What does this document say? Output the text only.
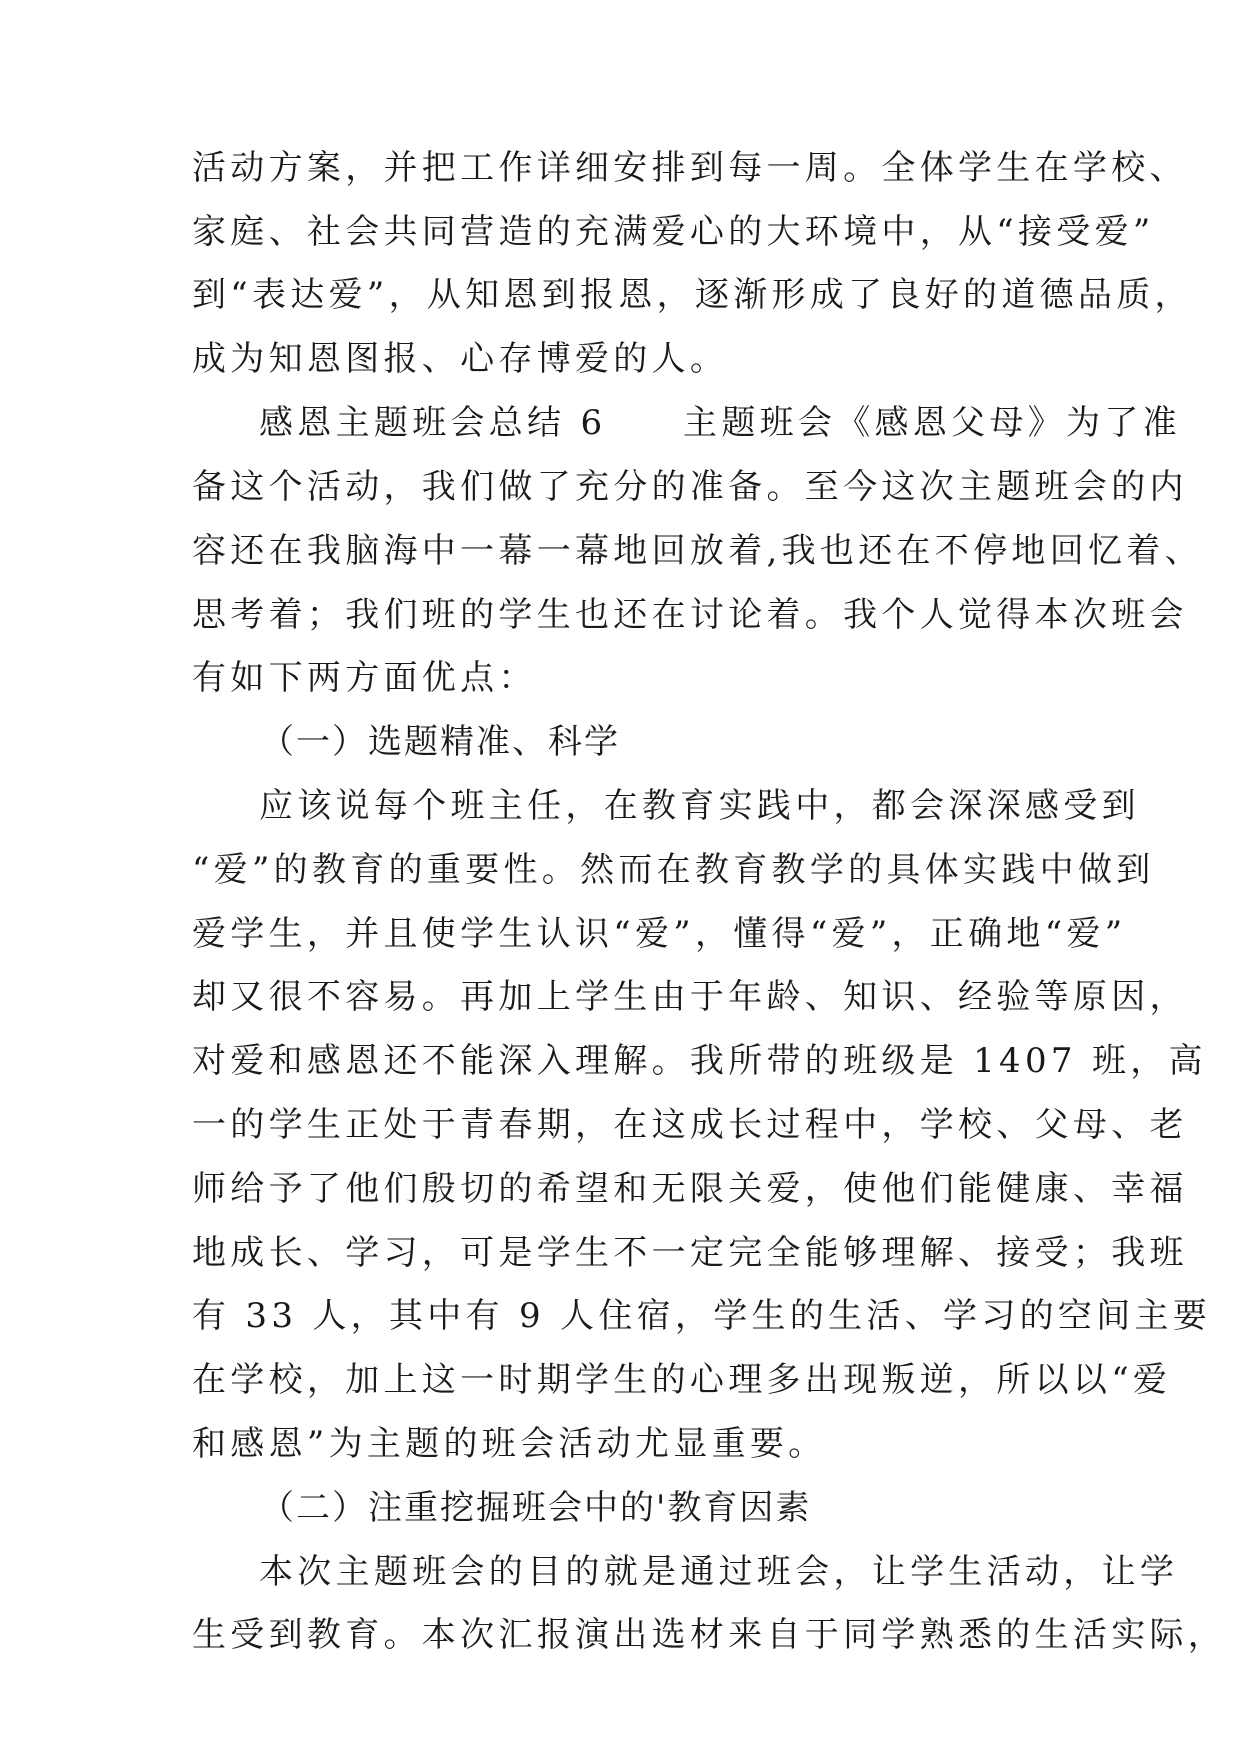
活动方案，并把工作详细安排到每一周。全体学生在学校、
家庭、社会共同营造的充满爱心的大环境中，从“接受爱”
到“表达爱”，从知恩到报恩，逐渐形成了良好的道德品质，
成为知恩图报、心存博爱的人。
感恩主题班会总结 6　　主题班会《感恩父母》为了准
备这个活动，我们做了充分的准备。至今这次主题班会的内
容还在我脑海中一幕一幕地回放着,我也还在不停地回忆着、
思考着；我们班的学生也还在讨论着。我个人觉得本次班会
有如下两方面优点：
（一）选题精准、科学
应该说每个班主任，在教育实践中，都会深深感受到
“爱”的教育的重要性。然而在教育教学的具体实践中做到
爱学生，并且使学生认识“爱”，懂得“爱”，正确地“爱”
却又很不容易。再加上学生由于年龄、知识、经验等原因，
对爱和感恩还不能深入理解。我所带的班级是 1407 班，高
一的学生正处于青春期，在这成长过程中，学校、父母、老
师给予了他们殷切的希望和无限关爱，使他们能健康、幸福
地成长、学习，可是学生不一定完全能够理解、接受；我班
有 33 人，其中有 9 人住宿，学生的生活、学习的空间主要
在学校，加上这一时期学生的心理多出现叛逆，所以以“爱
和感恩”为主题的班会活动尤显重要。
（二）注重挖掘班会中的'教育因素
本次主题班会的目的就是通过班会，让学生活动，让学
生受到教育。本次汇报演出选材来自于同学熟悉的生活实际，
